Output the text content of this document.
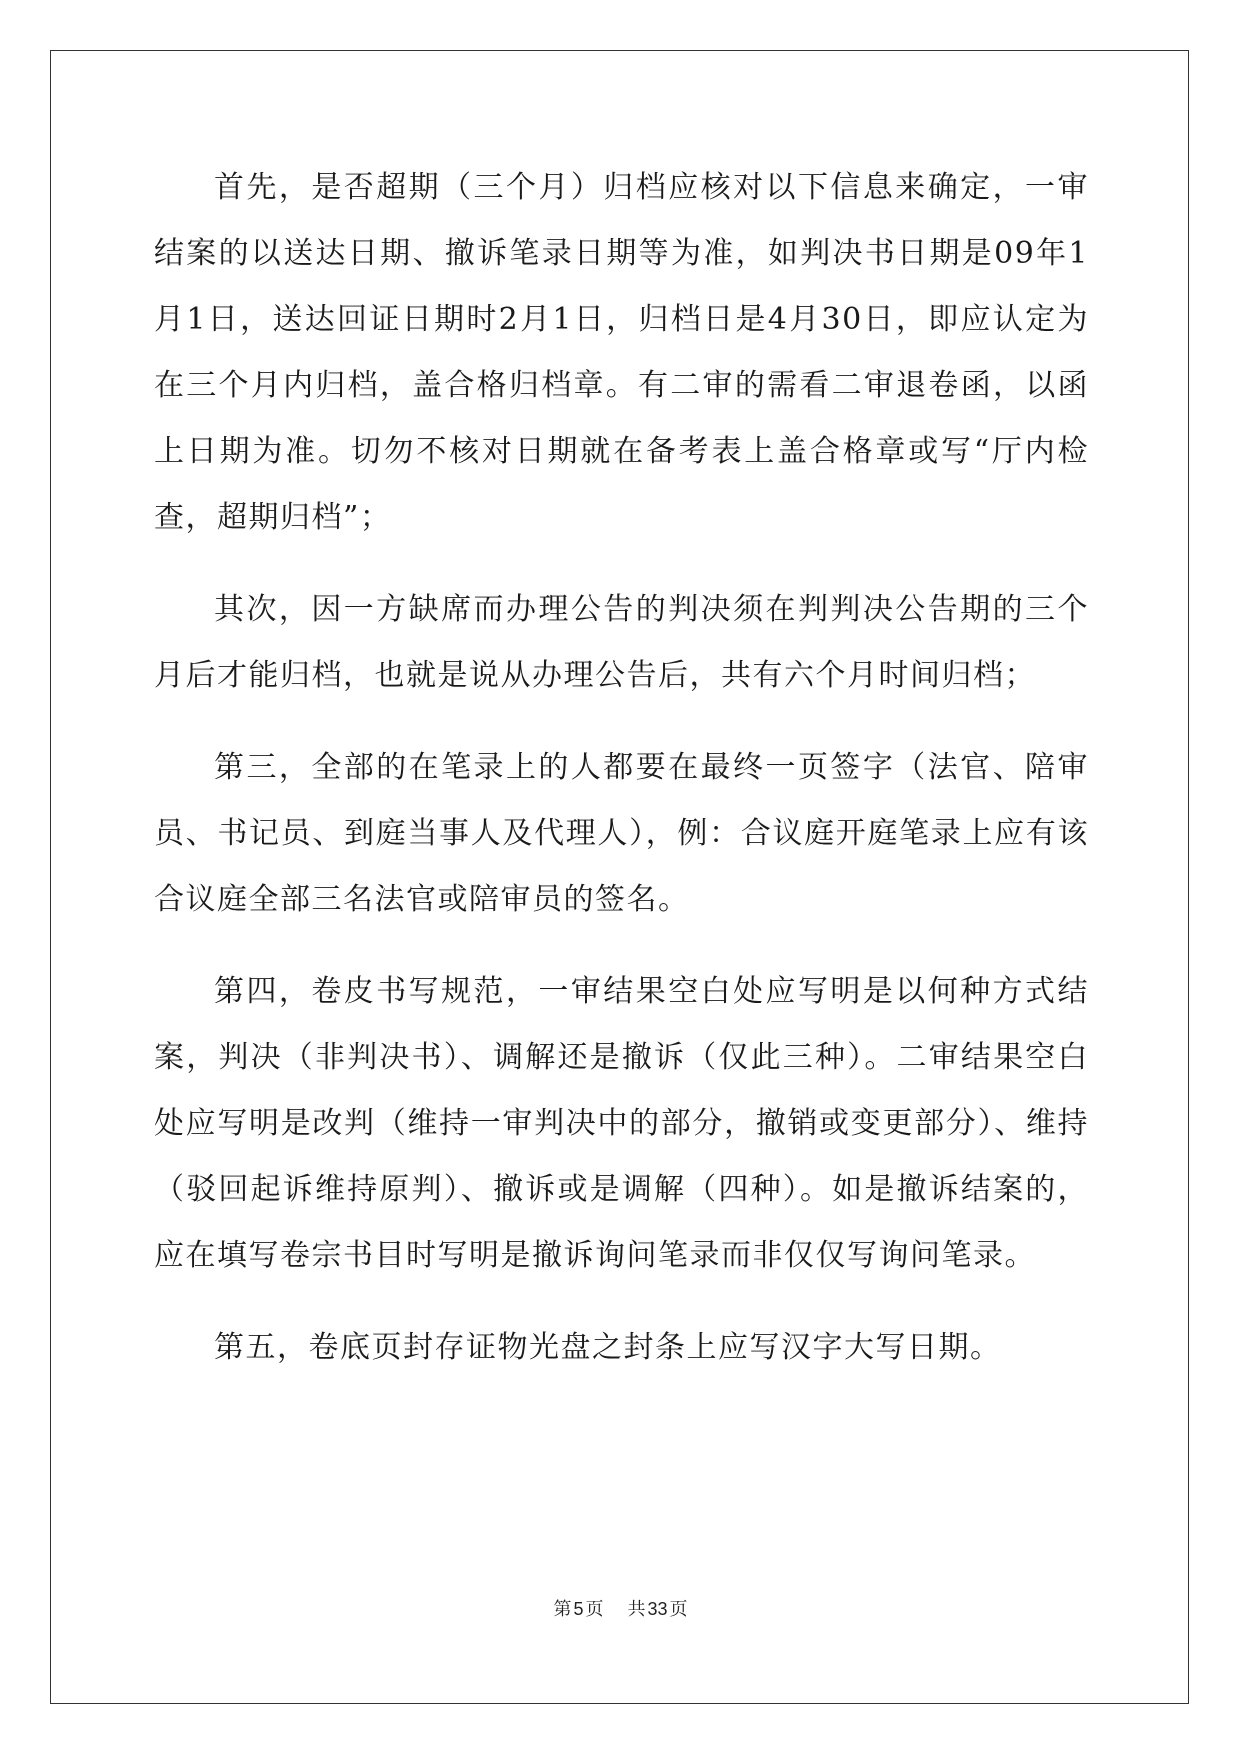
首先，是否超期（三个月）归档应核对以下信息来确定，一审结案的以送达日期、撤诉笔录日期等为准，如判决书日期是09年1月1日，送达回证日期时2月1日，归档日是4月30日，即应认定为在三个月内归档，盖合格归档章。有二审的需看二审退卷函，以函上日期为准。切勿不核对日期就在备考表上盖合格章或写“厅内检查，超期归档”；

其次，因一方缺席而办理公告的判决须在判判决公告期的三个月后才能归档，也就是说从办理公告后，共有六个月时间归档；

第三，全部的在笔录上的人都要在最终一页签字（法官、陪审员、书记员、到庭当事人及代理人），例：合议庭开庭笔录上应有该合议庭全部三名法官或陪审员的签名。

第四，卷皮书写规范，一审结果空白处应写明是以何种方式结案，判决（非判决书）、调解还是撤诉（仅此三种）。二审结果空白处应写明是改判（维持一审判决中的部分，撤销或变更部分）、维持（驳回起诉维持原判）、撤诉或是调解（四种）。如是撤诉结案的，应在填写卷宗书目时写明是撤诉询问笔录而非仅仅写询问笔录。

第五，卷底页封存证物光盘之封条上应写汉字大写日期。

第 5 页 共 33 页
